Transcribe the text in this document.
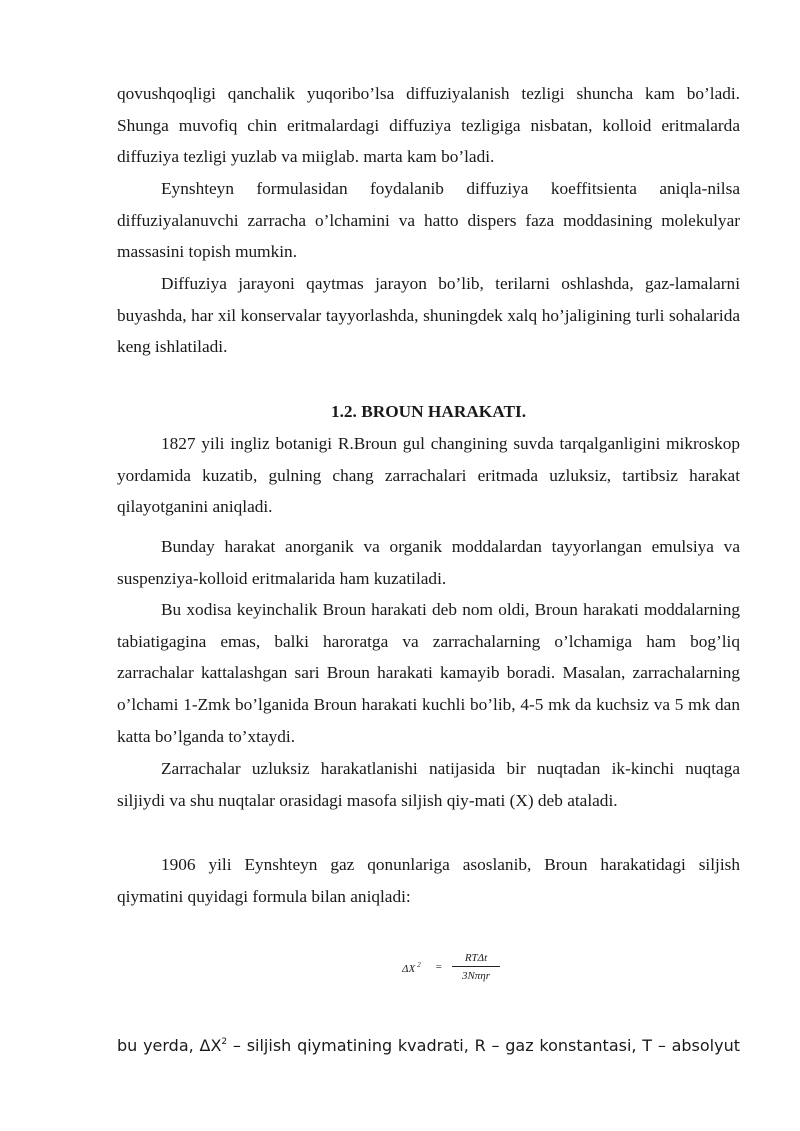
qovushqoqligi qanchalik yuqoribo’lsa diffuziyalanish tezligi shuncha kam bo’ladi. Shunga muvofiq chin eritmalardagi diffuziya tezligiga nisbatan, kolloid eritmalarda diffuziya tezligi yuzlab va miiglab. marta kam bo’ladi.

Eynshteyn formulasidan foydalanib diffuziya koeffitsienta aniqla-nilsa diffuziyalanuvchi zarracha o’lchamini va hatto dispers faza moddasining molekulyar massasini topish mumkin.

Diffuziya jarayoni qaytmas jarayon bo’lib, terilarni oshlashda, gaz-lamalarni buyashda, har xil konservalar tayyorlashda, shuningdek xalq ho’jaligining turli sohalarida keng ishlatiladi.

1.2. BROUN HARAKATI.

1827 yili ingliz botanigi R.Broun gul changining suvda tarqalganligini mikroskop yordamida kuzatib, gulning chang zarrachalari eritmada uzluksiz, tartibsiz harakat qilayotganini aniqladi.

Bunday harakat anorganik va organik moddalardan tayyorlangan emulsiya va suspenziya-kolloid eritmalarida ham kuzatiladi.

Bu xodisa keyinchalik Broun harakati deb nom oldi, Broun harakati moddalarning tabiatigagina emas, balki haroratga va zarrachalarning o’lchamiga ham bog’liq zarrachalar kattalashgan sari Broun harakati kamayib boradi. Masalan, zarrachalarning o’lchami 1-Zmk bo’lganida Broun harakati kuchli bo’lib, 4-5 mk da kuchsiz va 5 mk dan katta bo’lganda to’xtaydi.

Zarrachalar uzluksiz harakatlanishi natijasida bir nuqtadan ik-kinchi nuqtaga siljiydi va shu nuqtalar orasidagi masofa siljish qiy-mati (X) deb ataladi.

1906 yili Eynshteyn gaz qonunlariga asoslanib, Broun harakatidagi siljish qiymatini quyidagi formula bilan aniqladi:

ΔX $^2$ =
RTΔt
3Nπηr

bu yerda, $\Delta X^2$ – siljish qiymatining kvadrati, R – gaz konstantasi, T – absolyut
